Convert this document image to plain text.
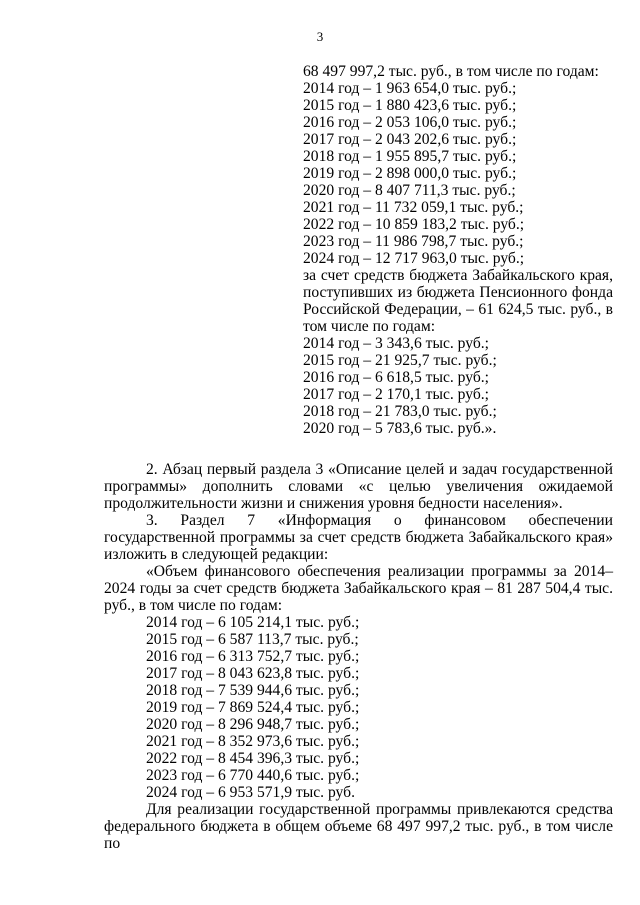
3
68 497 997,2 тыс. руб., в том числе по годам:
2014 год – 1 963 654,0 тыс. руб.;
2015 год – 1 880 423,6 тыс. руб.;
2016 год – 2 053 106,0 тыс. руб.;
2017 год – 2 043 202,6 тыс. руб.;
2018 год – 1 955 895,7 тыс. руб.;
2019 год – 2 898 000,0 тыс. руб.;
2020 год – 8 407 711,3 тыс. руб.;
2021 год – 11 732 059,1 тыс. руб.;
2022 год – 10 859 183,2 тыс. руб.;
2023 год – 11 986 798,7 тыс. руб.;
2024 год – 12 717 963,0 тыс. руб.;
за счет средств бюджета Забайкальского края,
поступивших из бюджета Пенсионного фонда
Российской Федерации, – 61 624,5 тыс. руб., в
том числе по годам:
2014 год – 3 343,6 тыс. руб.;
2015 год – 21 925,7 тыс. руб.;
2016 год – 6 618,5 тыс. руб.;
2017 год – 2 170,1 тыс. руб.;
2018 год – 21 783,0 тыс. руб.;
2020 год – 5 783,6 тыс. руб.».

2. Абзац первый раздела 3 «Описание целей и задач государственной программы» дополнить словами «с целью увеличения ожидаемой продолжительности жизни и снижения уровня бедности населения».

3. Раздел 7 «Информация о финансовом обеспечении государственной программы за счет средств бюджета Забайкальского края» изложить в следующей редакции:

«Объем финансового обеспечения реализации программы за 2014–2024 годы за счет средств бюджета Забайкальского края – 81 287 504,4 тыс. руб., в том числе по годам:

2014 год – 6 105 214,1 тыс. руб.;
2015 год – 6 587 113,7 тыс. руб.;
2016 год – 6 313 752,7 тыс. руб.;
2017 год – 8 043 623,8 тыс. руб.;
2018 год – 7 539 944,6 тыс. руб.;
2019 год – 7 869 524,4 тыс. руб.;
2020 год – 8 296 948,7 тыс. руб.;
2021 год – 8 352 973,6 тыс. руб.;
2022 год – 8 454 396,3 тыс. руб.;
2023 год – 6 770 440,6 тыс. руб.;
2024 год – 6 953 571,9 тыс. руб.

Для реализации государственной программы привлекаются средства федерального бюджета в общем объеме 68 497 997,2 тыс. руб., в том числе по
